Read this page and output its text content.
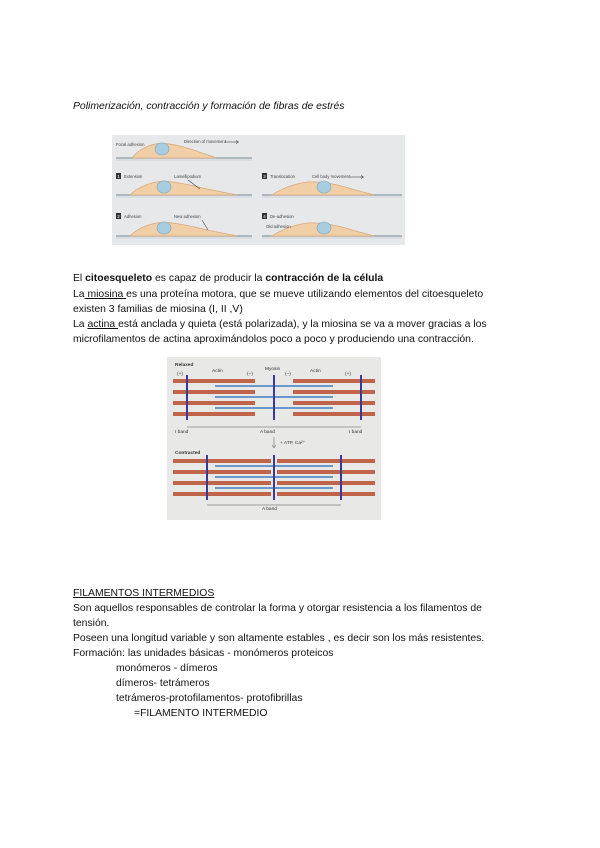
Polimerización, contracción y formación de fibras de estrés
1
2
3
4
Focal adhesion
Direction of movement
Extension	Lamellipodium
Adhesion	New adhesion
Translocation	Cell body movement
De-adhesion
Old adhesion
El citoesqueleto es capaz de producir la contracción de la célula
La miosina es una proteína motora, que se mueve utilizando elementos del citoesqueleto
existen 3 familias de miosina (I, II ,V)
La actina está anclada y quieta (está polarizada), y la miosina se va a mover gracias a los
microfilamentos de actina aproximándolos poco a poco y produciendo una contracción.
Relaxed
(+)
Actin	Myosin
(–)	(–)
Actin
(+)
I band	A band	I band
+ ATP, Ca²⁺
Contracted
A band
FILAMENTOS INTERMEDIOS
Son aquellos responsables de controlar la forma y otorgar resistencia a los filamentos de
tensión.
Poseen una longitud variable y son altamente estables , es decir son los más resistentes.
Formación: las unidades básicas - monómeros proteicos
monómeros - dímeros
dímeros- tetrámeros
tetrámeros-protofilamentos- protofibrillas
=FILAMENTO INTERMEDIO
